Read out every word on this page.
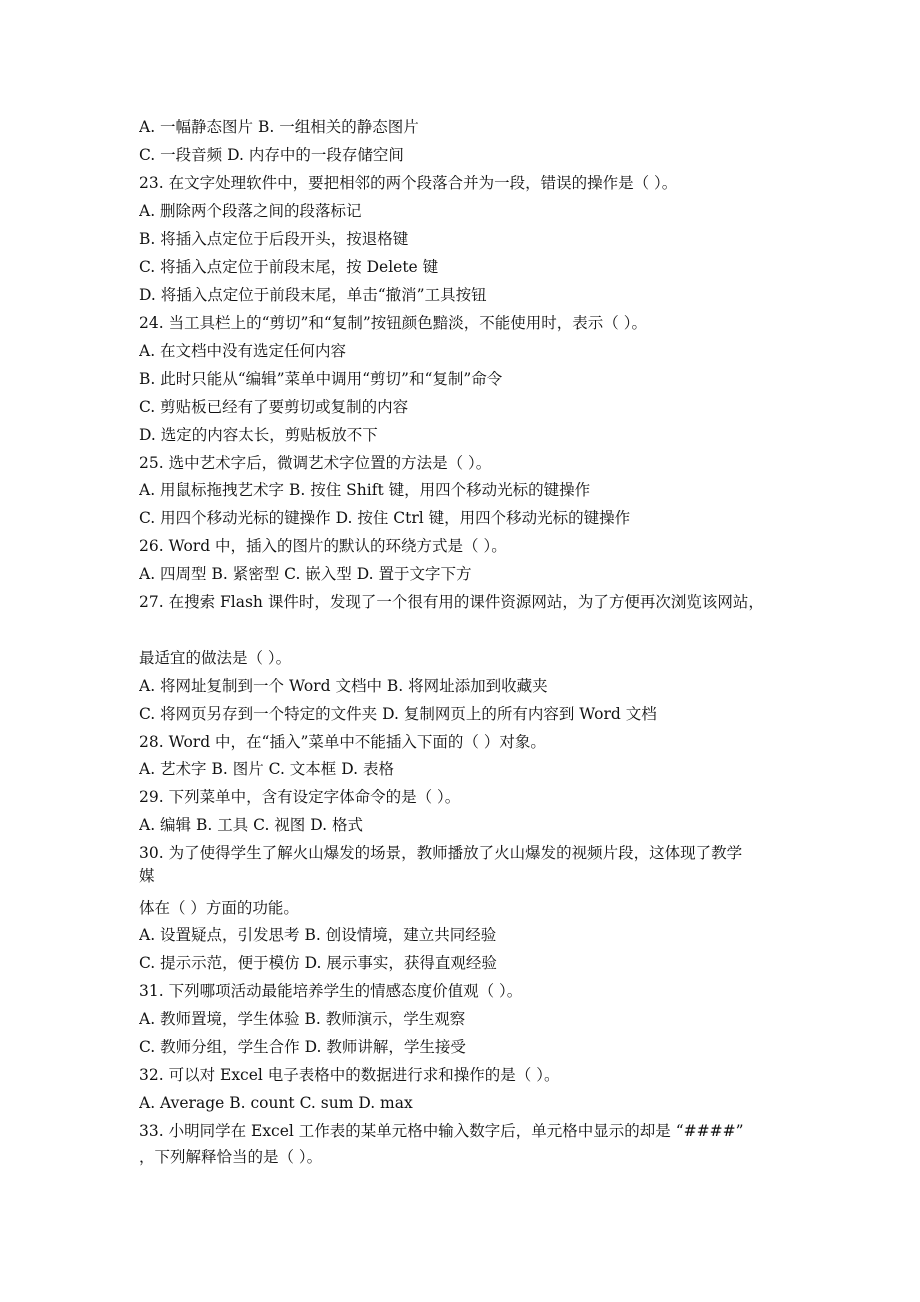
A. 一幅静态图片 B. 一组相关的静态图片
C. 一段音频 D. 内存中的一段存储空间
23. 在文字处理软件中，要把相邻的两个段落合并为一段，错误的操作是（ ）。
A. 删除两个段落之间的段落标记
B. 将插入点定位于后段开头，按退格键
C. 将插入点定位于前段末尾，按 Delete 键
D. 将插入点定位于前段末尾，单击“撤消”工具按钮
24. 当工具栏上的“剪切”和“复制”按钮颜色黯淡，不能使用时，表示（ ）。
A. 在文档中没有选定任何内容
B. 此时只能从“编辑”菜单中调用“剪切”和“复制”命令
C. 剪贴板已经有了要剪切或复制的内容
D. 选定的内容太长，剪贴板放不下
25. 选中艺术字后，微调艺术字位置的方法是（ ）。
A. 用鼠标拖拽艺术字 B. 按住 Shift 键，用四个移动光标的键操作
C. 用四个移动光标的键操作 D. 按住 Ctrl 键，用四个移动光标的键操作
26. Word 中，插入的图片的默认的环绕方式是（ ）。
A. 四周型 B. 紧密型 C. 嵌入型 D. 置于文字下方
27. 在搜索 Flash 课件时，发现了一个很有用的课件资源网站，为了方便再次浏览该网站，
最适宜的做法是（ ）。
A. 将网址复制到一个 Word 文档中 B. 将网址添加到收藏夹
C. 将网页另存到一个特定的文件夹 D. 复制网页上的所有内容到 Word 文档
28. Word 中，在“插入”菜单中不能插入下面的（ ）对象。
A. 艺术字 B. 图片 C. 文本框 D. 表格
29. 下列菜单中，含有设定字体命令的是（ ）。
A. 编辑 B. 工具 C. 视图 D. 格式
30. 为了使得学生了解火山爆发的场景，教师播放了火山爆发的视频片段，这体现了教学
媒
体在（ ）方面的功能。
A. 设置疑点，引发思考 B. 创设情境，建立共同经验
C. 提示示范，便于模仿 D. 展示事实，获得直观经验
31. 下列哪项活动最能培养学生的情感态度价值观（ ）。
A. 教师置境，学生体验 B. 教师演示，学生观察
C. 教师分组，学生合作 D. 教师讲解，学生接受
32. 可以对 Excel 电子表格中的数据进行求和操作的是（ ）。
A. Average B. count C. sum D. max
33. 小明同学在 Excel 工作表的某单元格中输入数字后，单元格中显示的却是 “####”
，下列解释恰当的是（ ）。
